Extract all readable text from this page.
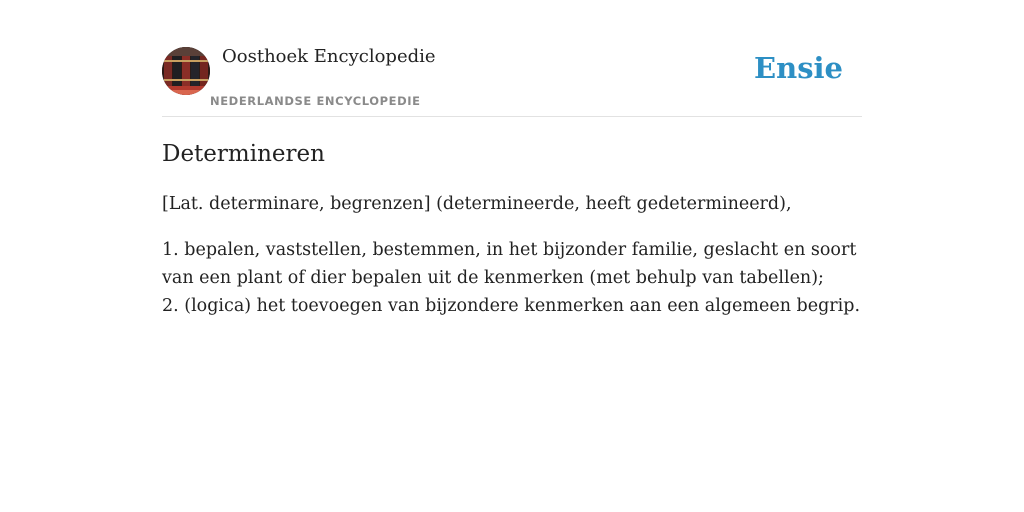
Oosthoek Encyclopedie
NEDERLANDSE ENCYCLOPEDIE
Ensie
Determineren

[Lat. determinare, begrenzen] (determineerde, heeft gedetermineerd),

1. bepalen, vaststellen, bestemmen, in het bijzonder familie, geslacht en soort van een plant of dier bepalen uit de kenmerken (met behulp van tabellen);
2. (logica) het toevoegen van bijzondere kenmerken aan een algemeen begrip.
